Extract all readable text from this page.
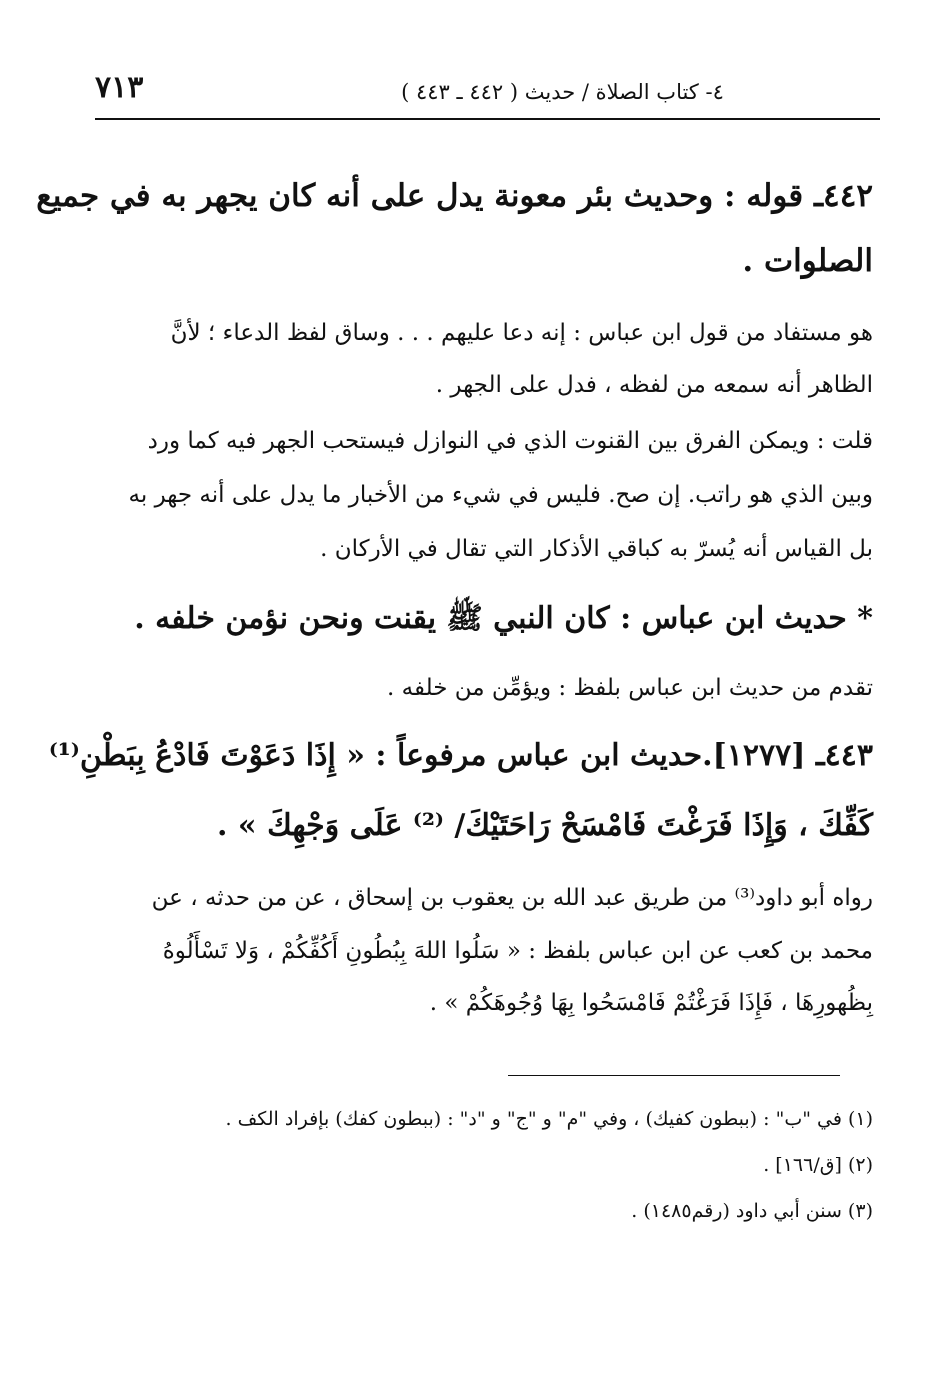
٧١٣	٤- كتاب الصلاة / حديث ( ٤٤٢ ـ ٤٤٣ )
٤٤٢ـ قوله : وحديث بئر معونة يدل على أنه كان يجهر به في جميع
الصلوات .
هو مستفاد من قول ابن عباس : إنه دعا عليهم . . . وساق لفظ الدعاء ؛ لأنَّ
الظاهر أنه سمعه من لفظه ، فدل على الجهر .
قلت : ويمكن الفرق بين القنوت الذي في النوازل فيستحب الجهر فيه كما ورد
وبين الذي هو راتب. إن صح. فليس في شيء من الأخبار ما يدل على أنه جهر به
بل القياس أنه يُسرّ به كباقي الأذكار التي تقال في الأركان .
* حديث ابن عباس : كان النبي ﷺ يقنت ونحن نؤمن خلفه .
تقدم من حديث ابن عباس بلفظ : ويؤمِّن من خلفه .
٤٤٣ـ [١٢٧٧].حديث ابن عباس مرفوعاً : « إِذَا دَعَوْتَ فَادْعُ بِبَطْنِ⁽¹⁾
كَفِّكَ ، وَإِذَا فَرَغْتَ فَامْسَحْ رَاحَتَيْكَ/ ⁽²⁾ عَلَى وَجْهِكَ » .
رواه أبو داود⁽³⁾ من طريق عبد الله بن يعقوب بن إسحاق ، عن من حدثه ، عن
محمد بن كعب عن ابن عباس بلفظ : « سَلُوا اللهَ بِبُطُونِ أَكُفِّكُمْ ، وَلا تَسْأَلُوهُ
بِظُهورِهَا ، فَإِذَا فَرَغْتُمْ فَامْسَحُوا بِهَا وُجُوهَكُمْ » .
(١) في "ب" : (ببطون كفيك) ، وفي "م" و "ج" و "د" : (ببطون كفك) بإفراد الكف .
(٢) [ق/١٦٦] .
(٣) سنن أبي داود (رقم١٤٨٥) .
